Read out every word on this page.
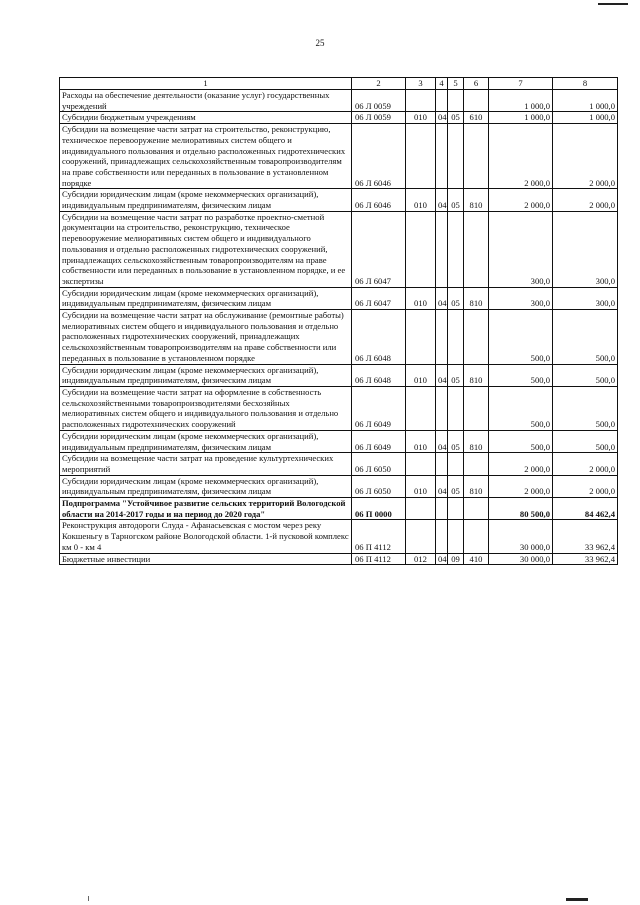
25
1	2	3	4	5	6	7	8
Расходы на обеспечение деятельности (оказание услуг) государственных учреждений	06 Л 0059					1 000,0	1 000,0
Субсидии бюджетным учреждениям	06 Л 0059	010	04	05	610	1 000,0	1 000,0
Субсидии на возмещение части затрат на строительство, реконструкцию, техническое перевооружение мелиоративных систем общего и индивидуального пользования и отдельно расположенных гидротехнических сооружений, принадлежащих сельскохозяйственным товаропроизводителям на праве собственности или переданных в пользование в установленном порядке	06 Л 6046					2 000,0	2 000,0
Субсидии юридическим лицам (кроме некоммерческих организаций), индивидуальным предпринимателям, физическим лицам	06 Л 6046	010	04	05	810	2 000,0	2 000,0
Субсидии на возмещение части затрат по разработке проектно-сметной документации на строительство, реконструкцию, техническое перевооружение мелиоративных систем общего и индивидуального пользования и отдельно расположенных гидротехнических сооружений, принадлежащих сельскохозяйственным товаропроизводителям на праве собственности или переданных в пользование в установленном порядке, и ее экспертизы	06 Л 6047					300,0	300,0
Субсидии юридическим лицам (кроме некоммерческих организаций), индивидуальным предпринимателям, физическим лицам	06 Л 6047	010	04	05	810	300,0	300,0
Субсидии на возмещение части затрат на обслуживание (ремонтные работы) мелиоративных систем общего и индивидуального пользования и отдельно расположенных гидротехнических сооружений, принадлежащих сельскохозяйственным товаропроизводителям на праве собственности или переданных в пользование в установленном порядке	06 Л 6048					500,0	500,0
Субсидии юридическим лицам (кроме некоммерческих организаций), индивидуальным предпринимателям, физическим лицам	06 Л 6048	010	04	05	810	500,0	500,0
Субсидии на возмещение части затрат на оформление в собственность сельскохозяйственными товаропроизводителями бесхозяйных мелиоративных систем общего и индивидуального пользования и отдельно расположенных гидротехнических сооружений	06 Л 6049					500,0	500,0
Субсидии юридическим лицам (кроме некоммерческих организаций), индивидуальным предпринимателям, физическим лицам	06 Л 6049	010	04	05	810	500,0	500,0
Субсидии на возмещение части затрат на проведение культуртехнических мероприятий	06 Л 6050					2 000,0	2 000,0
Субсидии юридическим лицам (кроме некоммерческих организаций), индивидуальным предпринимателям, физическим лицам	06 Л 6050	010	04	05	810	2 000,0	2 000,0
Подпрограмма "Устойчивое развитие сельских территорий Вологодской области на 2014-2017 годы и на период до 2020 года"	06 П 0000					80 500,0	84 462,4
Реконструкция автодороги Слуда - Афанасьевская с мостом через реку Кокшеньгу в Тарногском районе Вологодской области. 1-й пусковой комплекс км 0 - км 4	06 П 4112					30 000,0	33 962,4
Бюджетные инвестиции	06 П 4112	012	04	09	410	30 000,0	33 962,4
